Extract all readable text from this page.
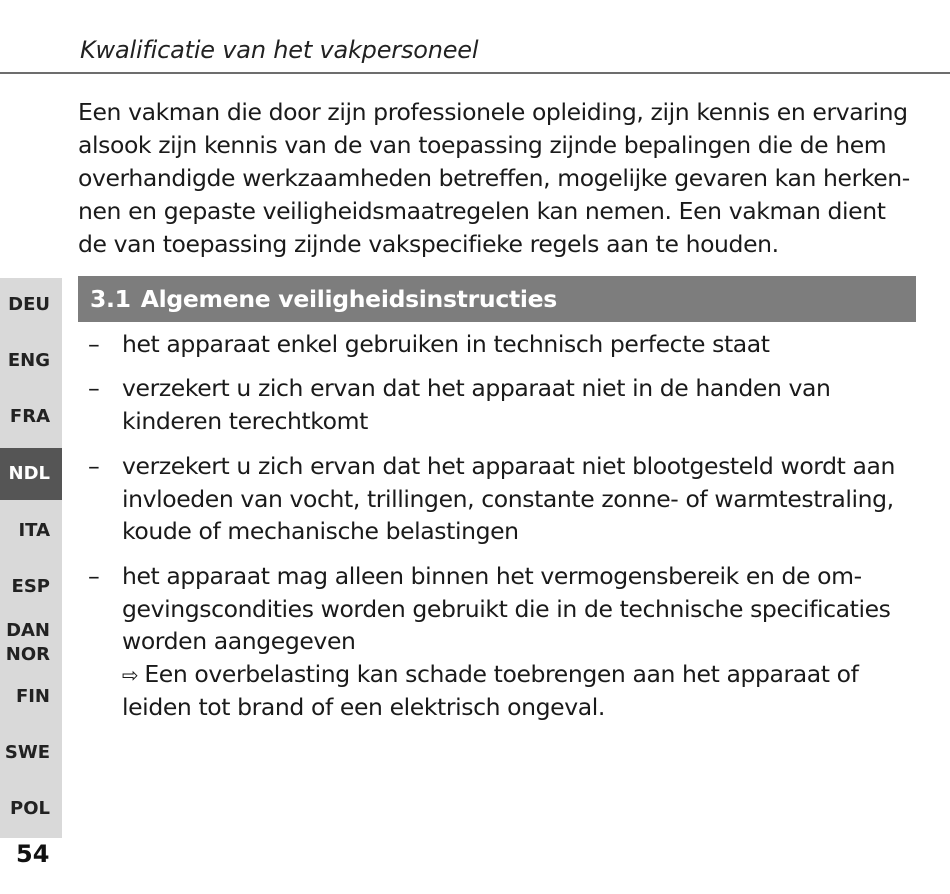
Kwalificatie van het vakpersoneel
Een vakman die door zijn professionele opleiding, zijn kennis en ervaring
alsook zijn kennis van de van toepassing zijnde bepalingen die de hem
overhandigde werkzaamheden betreffen, mogelijke gevaren kan herken-
nen en gepaste veiligheidsmaatregelen kan nemen. Een vakman dient
de van toepassing zijnde vakspecifieke regels aan te houden.
3.1 Algemene veiligheidsinstructies
– het apparaat enkel gebruiken in technisch perfecte staat
– verzekert u zich ervan dat het apparaat niet in de handen van
kinderen terechtkomt
– verzekert u zich ervan dat het apparaat niet blootgesteld wordt aan
invloeden van vocht, trillingen, constante zonne- of warmtestraling,
koude of mechanische belastingen
– het apparaat mag alleen binnen het vermogensbereik en de om-
gevingscondities worden gebruikt die in de technische specificaties
worden aangegeven
⇨ Een overbelasting kan schade toebrengen aan het apparaat of
leiden tot brand of een elektrisch ongeval.
DEU
ENG
FRA
NDL
ITA
ESP
DAN
NOR
FIN
SWE
POL
54
